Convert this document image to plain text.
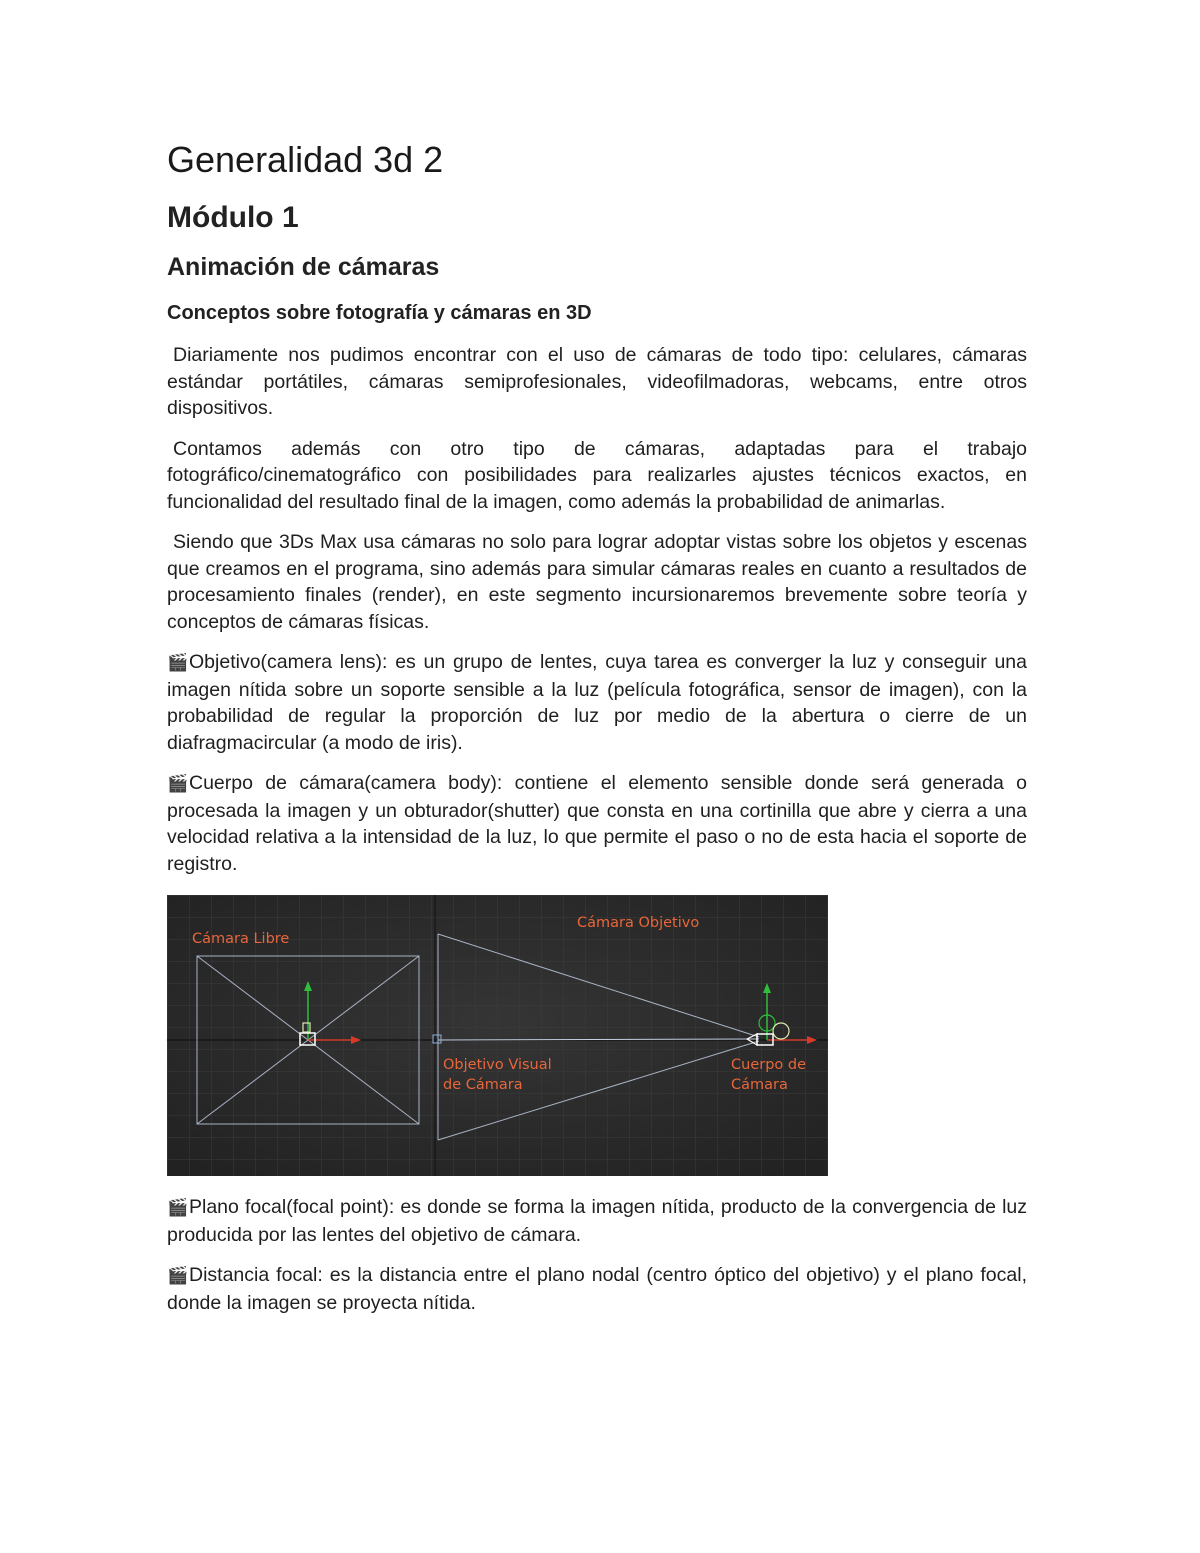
Generalidad 3d 2
Módulo 1
Animación de cámaras
Conceptos sobre fotografía y cámaras en 3D

Diariamente nos pudimos encontrar con el uso de cámaras de todo tipo: celulares, cámaras estándar portátiles, cámaras semiprofesionales, videofilmadoras, webcams, entre otros dispositivos.

Contamos además con otro tipo de cámaras, adaptadas para el trabajo fotográfico/cinematográfico con posibilidades para realizarles ajustes técnicos exactos, en funcionalidad del resultado final de la imagen, como además la probabilidad de animarlas.

Siendo que 3Ds Max usa cámaras no solo para lograr adoptar vistas sobre los objetos y escenas que creamos en el programa, sino además para simular cámaras reales en cuanto a resultados de procesamiento finales (render), en este segmento incursionaremos brevemente sobre teoría y conceptos de cámaras físicas.

🎬Objetivo(camera lens): es un grupo de lentes, cuya tarea es converger la luz y conseguir una imagen nítida sobre un soporte sensible a la luz (película fotográfica, sensor de imagen), con la probabilidad de regular la proporción de luz por medio de la abertura o cierre de un diafragmacircular (a modo de iris).

🎬Cuerpo de cámara(camera body): contiene el elemento sensible donde será generada o procesada la imagen y un obturador(shutter) que consta en una cortinilla que abre y cierra a una velocidad relativa a la intensidad de la luz, lo que permite el paso o no de esta hacia el soporte de registro.

Cámara Libre
Cámara Objetivo
Objetivo Visual
de Cámara
Cuerpo de
Cámara

🎬Plano focal(focal point): es donde se forma la imagen nítida, producto de la convergencia de luz producida por las lentes del objetivo de cámara.

🎬Distancia focal: es la distancia entre el plano nodal (centro óptico del objetivo) y el plano focal, donde la imagen se proyecta nítida.
